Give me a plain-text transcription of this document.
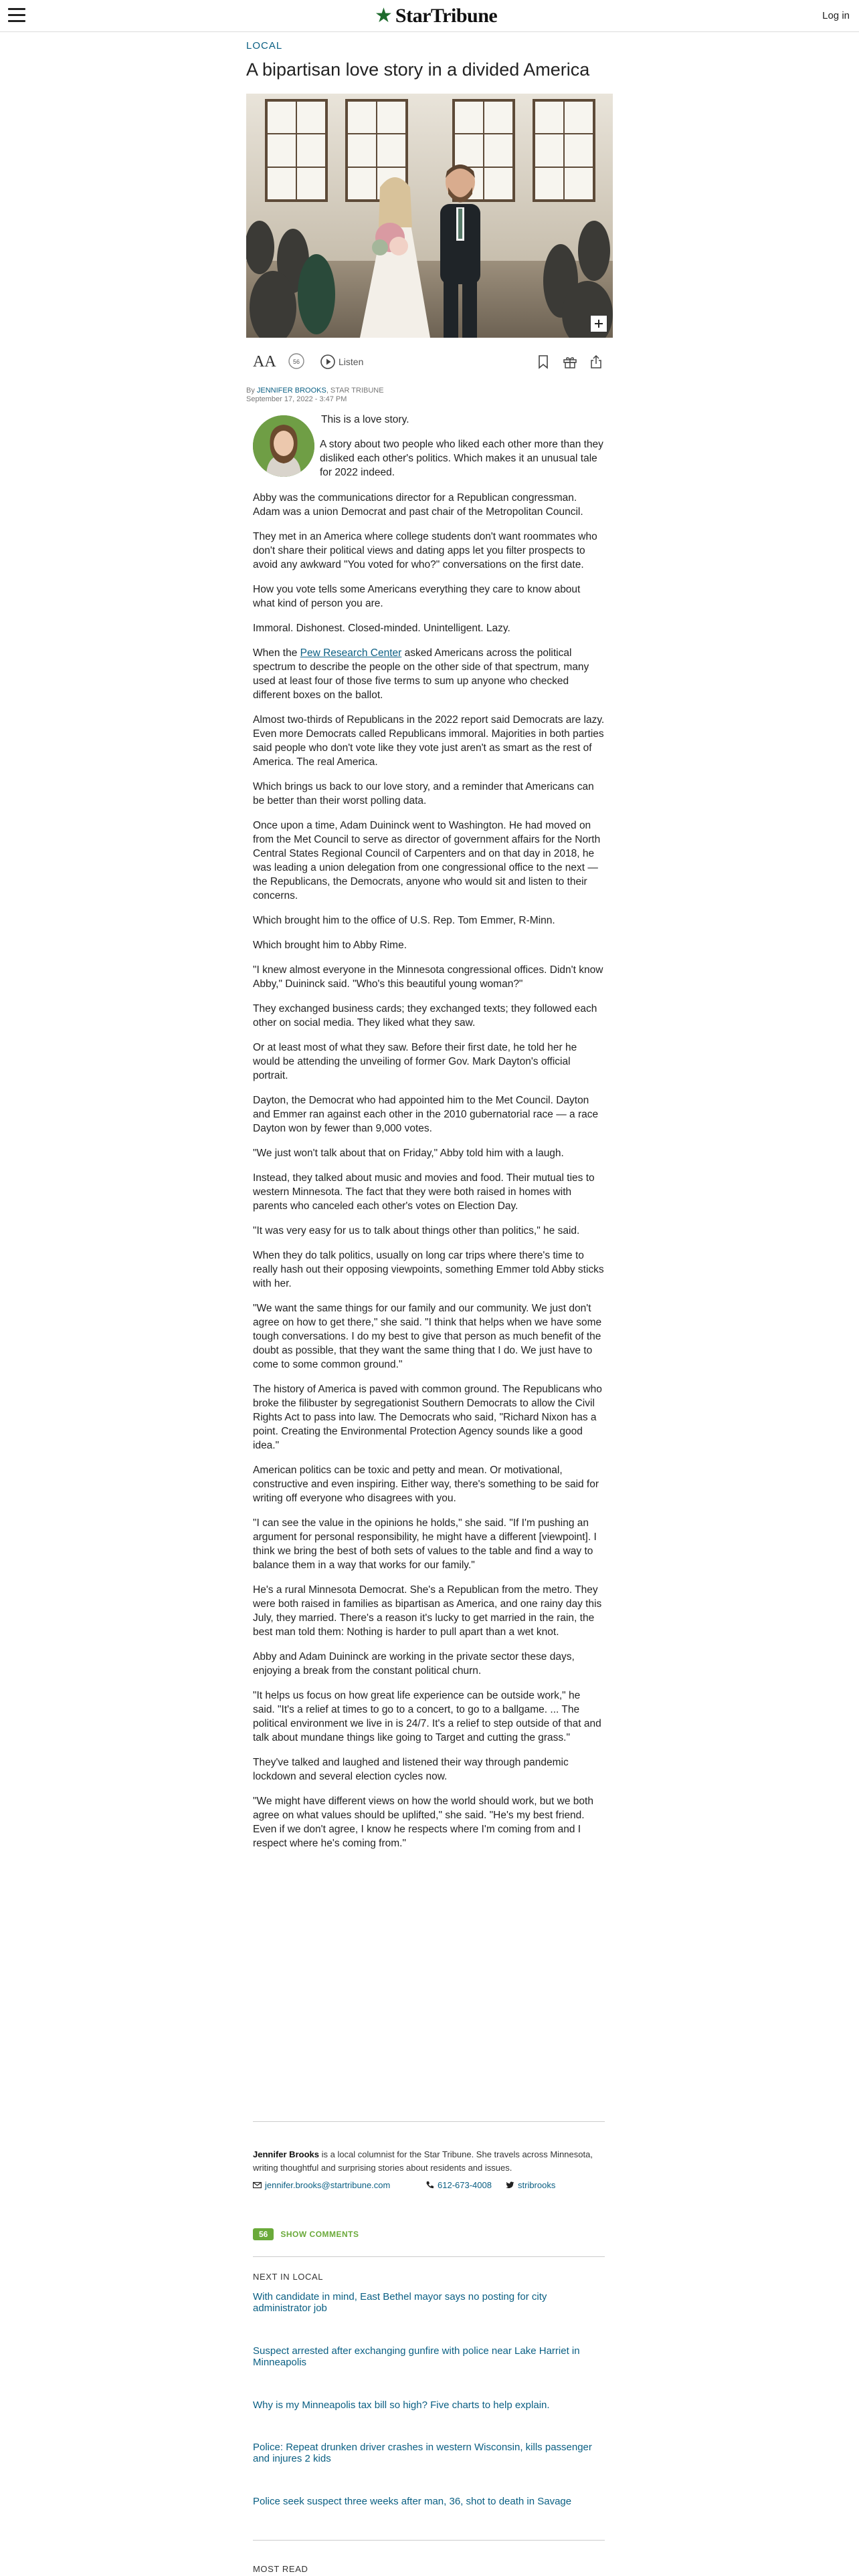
★ StarTribune	Log in
LOCAL
A bipartisan love story in a divided America
AA	56	Listen
By JENNIFER BROOKS, STAR TRIBUNE
September 17, 2022 - 3:47 PM

This is a love story.

A story about two people who liked each other more than they disliked each other's politics. Which makes it an unusual tale for 2022 indeed.

Abby was the communications director for a Republican congressman. Adam was a union Democrat and past chair of the Metropolitan Council.

They met in an America where college students don't want roommates who don't share their political views and dating apps let you filter prospects to avoid any awkward "You voted for who?" conversations on the first date.

How you vote tells some Americans everything they care to know about what kind of person you are.

Immoral. Dishonest. Closed-minded. Unintelligent. Lazy.

When the Pew Research Center asked Americans across the political spectrum to describe the people on the other side of that spectrum, many used at least four of those five terms to sum up anyone who checked different boxes on the ballot.

Almost two-thirds of Republicans in the 2022 report said Democrats are lazy. Even more Democrats called Republicans immoral. Majorities in both parties said people who don't vote like they vote just aren't as smart as the rest of America. The real America.

Which brings us back to our love story, and a reminder that Americans can be better than their worst polling data.

Once upon a time, Adam Duininck went to Washington. He had moved on from the Met Council to serve as director of government affairs for the North Central States Regional Council of Carpenters and on that day in 2018, he was leading a union delegation from one congressional office to the next — the Republicans, the Democrats, anyone who would sit and listen to their concerns.

Which brought him to the office of U.S. Rep. Tom Emmer, R-Minn.

Which brought him to Abby Rime.

"I knew almost everyone in the Minnesota congressional offices. Didn't know Abby," Duininck said. "Who's this beautiful young woman?"

They exchanged business cards; they exchanged texts; they followed each other on social media. They liked what they saw.

Or at least most of what they saw. Before their first date, he told her he would be attending the unveiling of former Gov. Mark Dayton's official portrait.

Dayton, the Democrat who had appointed him to the Met Council. Dayton and Emmer ran against each other in the 2010 gubernatorial race — a race Dayton won by fewer than 9,000 votes.

"We just won't talk about that on Friday," Abby told him with a laugh.

Instead, they talked about music and movies and food. Their mutual ties to western Minnesota. The fact that they were both raised in homes with parents who canceled each other's votes on Election Day.

"It was very easy for us to talk about things other than politics," he said.

When they do talk politics, usually on long car trips where there's time to really hash out their opposing viewpoints, something Emmer told Abby sticks with her.

"We want the same things for our family and our community. We just don't agree on how to get there," she said. "I think that helps when we have some tough conversations. I do my best to give that person as much benefit of the doubt as possible, that they want the same thing that I do. We just have to come to some common ground."

The history of America is paved with common ground. The Republicans who broke the filibuster by segregationist Southern Democrats to allow the Civil Rights Act to pass into law. The Democrats who said, "Richard Nixon has a point. Creating the Environmental Protection Agency sounds like a good idea."

American politics can be toxic and petty and mean. Or motivational, constructive and even inspiring. Either way, there's something to be said for writing off everyone who disagrees with you.

"I can see the value in the opinions he holds," she said. "If I'm pushing an argument for personal responsibility, he might have a different [viewpoint]. I think we bring the best of both sets of values to the table and find a way to balance them in a way that works for our family."

He's a rural Minnesota Democrat. She's a Republican from the metro. They were both raised in families as bipartisan as America, and one rainy day this July, they married. There's a reason it's lucky to get married in the rain, the best man told them: Nothing is harder to pull apart than a wet knot.

Abby and Adam Duininck are working in the private sector these days, enjoying a break from the constant political churn.

"It helps us focus on how great life experience can be outside work," he said. "It's a relief at times to go to a concert, to go to a ballgame. ... The political environment we live in is 24/7. It's a relief to step outside of that and talk about mundane things like going to Target and cutting the grass."

They've talked and laughed and listened their way through pandemic lockdown and several election cycles now.

"We might have different views on how the world should work, but we both agree on what values should be uplifted," she said. "He's my best friend. Even if we don't agree, I know he respects where I'm coming from and I respect where he's coming from."

Jennifer Brooks is a local columnist for the Star Tribune. She travels across Minnesota, writing thoughtful and surprising stories about residents and issues.
jennifer.brooks@startribune.com	612-673-4008	stribrooks
56	SHOW COMMENTS
NEXT IN LOCAL
With candidate in mind, East Bethel mayor says no posting for city administrator job
Suspect arrested after exchanging gunfire with police near Lake Harriet in Minneapolis
Why is my Minneapolis tax bill so high? Five charts to help explain.
Police: Repeat drunken driver crashes in western Wisconsin, kills passenger and injures 2 kids
Police seek suspect three weeks after man, 36, shot to death in Savage
MOST READ
